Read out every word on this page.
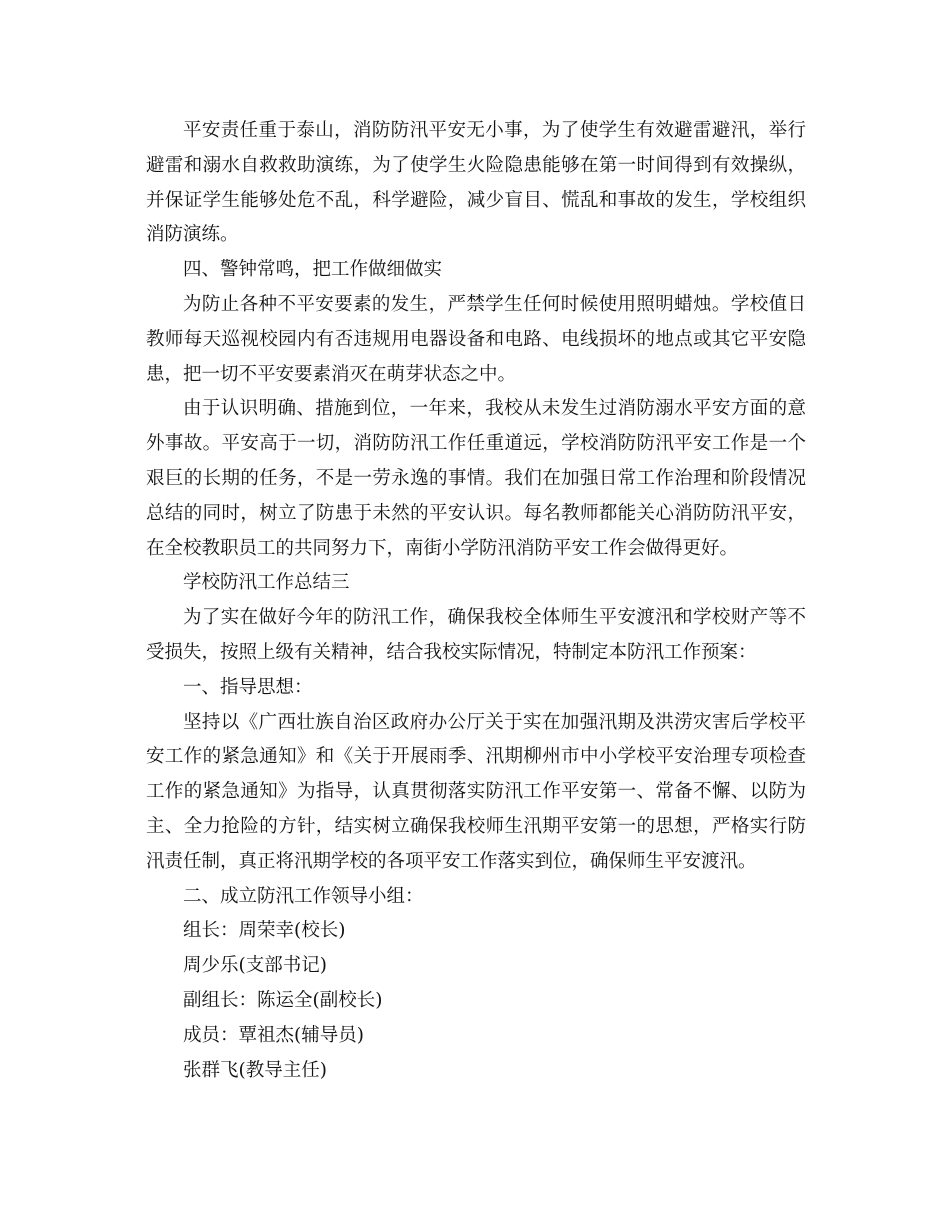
平安责任重于泰山，消防防汛平安无小事，为了使学生有效避雷避汛，举行避雷和溺水自救救助演练，为了使学生火险隐患能够在第一时间得到有效操纵，并保证学生能够处危不乱，科学避险，减少盲目、慌乱和事故的发生，学校组织消防演练。

四、警钟常鸣，把工作做细做实

为防止各种不平安要素的发生，严禁学生任何时候使用照明蜡烛。学校值日教师每天巡视校园内有否违规用电器设备和电路、电线损坏的地点或其它平安隐患，把一切不平安要素消灭在萌芽状态之中。

由于认识明确、措施到位，一年来，我校从未发生过消防溺水平安方面的意外事故。平安高于一切，消防防汛工作任重道远，学校消防防汛平安工作是一个艰巨的长期的任务，不是一劳永逸的事情。我们在加强日常工作治理和阶段情况总结的同时，树立了防患于未然的平安认识。每名教师都能关心消防防汛平安，在全校教职员工的共同努力下，南街小学防汛消防平安工作会做得更好。

学校防汛工作总结三

为了实在做好今年的防汛工作，确保我校全体师生平安渡汛和学校财产等不受损失，按照上级有关精神，结合我校实际情况，特制定本防汛工作预案：

一、指导思想：

坚持以《广西壮族自治区政府办公厅关于实在加强汛期及洪涝灾害后学校平安工作的紧急通知》和《关于开展雨季、汛期柳州市中小学校平安治理专项检查工作的紧急通知》为指导，认真贯彻落实防汛工作平安第一、常备不懈、以防为主、全力抢险的方针，结实树立确保我校师生汛期平安第一的思想，严格实行防汛责任制，真正将汛期学校的各项平安工作落实到位，确保师生平安渡汛。

二、成立防汛工作领导小组：

组长：周荣幸(校长)

周少乐(支部书记)

副组长：陈运全(副校长)

成员：覃祖杰(辅导员)

张群飞(教导主任)
